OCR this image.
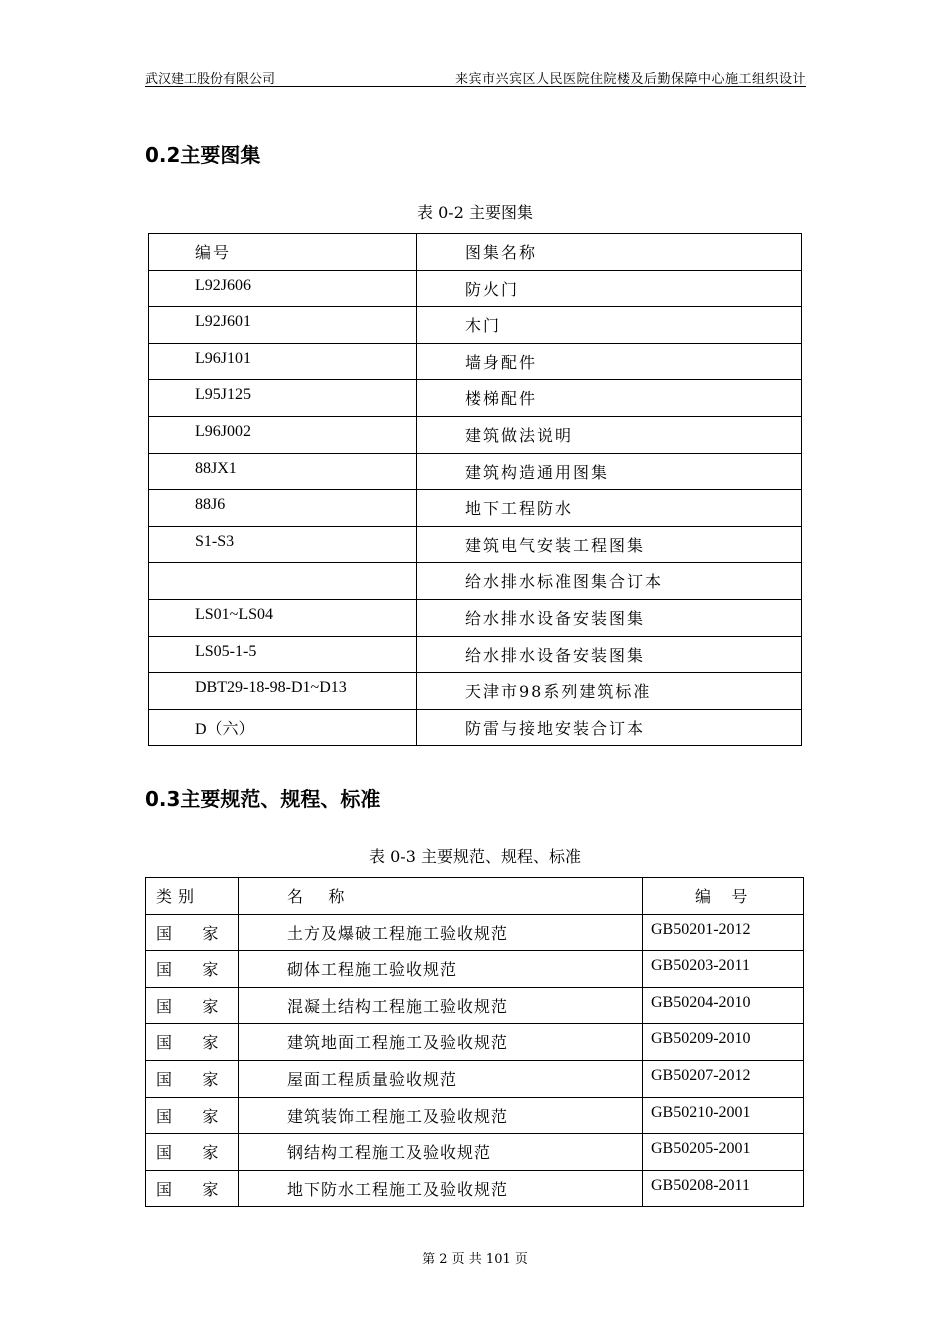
武汉建工股份有限公司	来宾市兴宾区人民医院住院楼及后勤保障中心施工组织设计
0.2主要图集
表 0-2 主要图集
编号	图集名称

L92J606	防火门

L92J601	木门

L96J101	墙身配件

L95J125	楼梯配件

L96J002	建筑做法说明

88JX1	建筑构造通用图集

88J6	地下工程防水

S1-S3	建筑电气安装工程图集

	给水排水标准图集合订本

LS01~LS04	给水排水设备安装图集

LS05-1-5	给水排水设备安装图集

DBT29-18-98-D1~D13	天津市98系列建筑标准

D（六）	防雷与接地安装合订本
0.3主要规范、规程、标准
表 0-3 主要规范、规程、标准
类别	名    称	编    号

国    家	土方及爆破工程施工验收规范	GB50201-2012

国    家	砌体工程施工验收规范	GB50203-2011

国    家	混凝土结构工程施工验收规范	GB50204-2010

国    家	建筑地面工程施工及验收规范	GB50209-2010

国    家	屋面工程质量验收规范	GB50207-2012

国    家	建筑装饰工程施工及验收规范	GB50210-2001

国    家	钢结构工程施工及验收规范	GB50205-2001

国    家	地下防水工程施工及验收规范	GB50208-2011
第 2 页 共 101 页
